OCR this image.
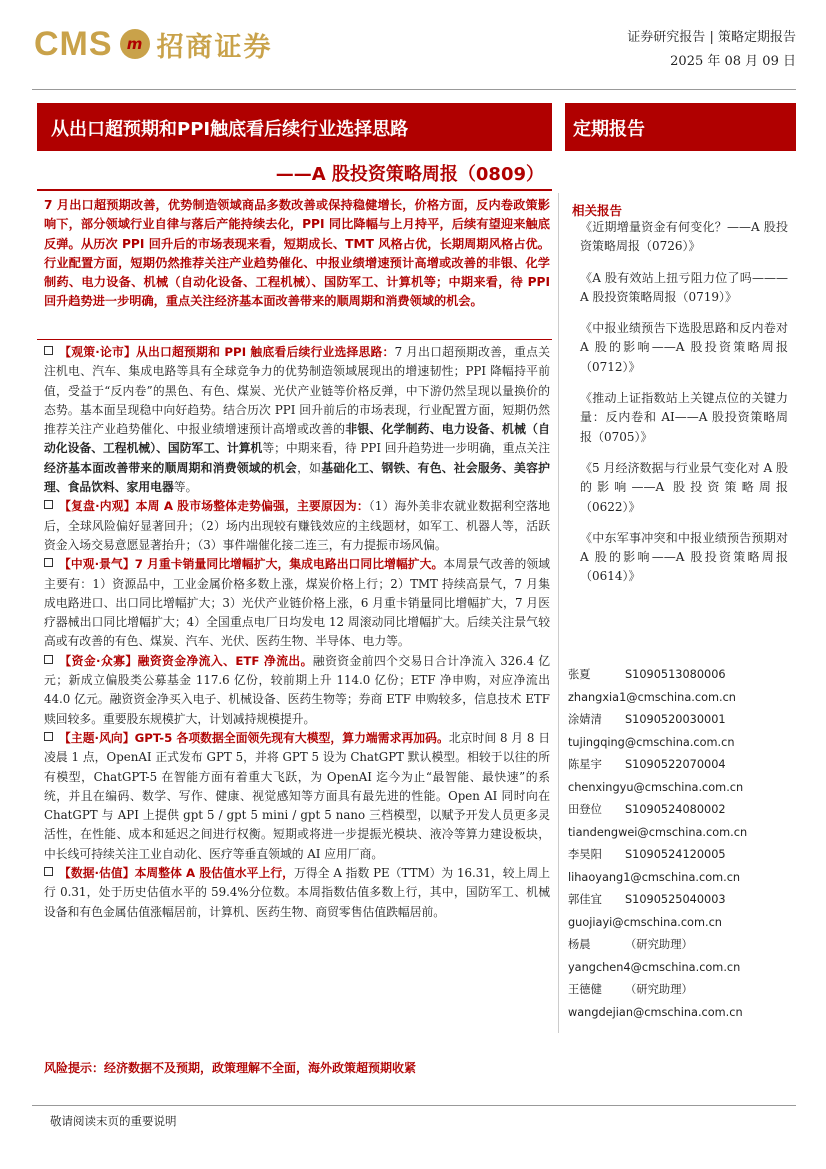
CMS m 招商证券	证券研究报告 | 策略定期报告
2025 年 08 月 09 日
从出口超预期和PPI触底看后续行业选择思路
——A 股投资策略周报（0809）
定期报告

7 月出口超预期改善，优势制造领域商品多数改善或保持稳健增长，价格方面，反内卷政策影响下，部分领域行业自律与落后产能持续去化，PPI 同比降幅与上月持平，后续有望迎来触底反弹。从历次 PPI 回升后的市场表现来看，短期成长、TMT 风格占优，长期周期风格占优。行业配置方面，短期仍然推荐关注产业趋势催化、中报业绩增速预计高增或改善的非银、化学制药、电力设备、机械（自动化设备、工程机械）、国防军工、计算机等；中期来看，待 PPI 回升趋势进一步明确，重点关注经济基本面改善带来的顺周期和消费领域的机会。

【观策·论市】从出口超预期和 PPI 触底看后续行业选择思路：7 月出口超预期改善，重点关注机电、汽车、集成电路等具有全球竞争力的优势制造领域展现出的增速韧性；PPI 降幅持平前值，受益于“反内卷”的黑色、有色、煤炭、光伏产业链等价格反弹，中下游仍然呈现以量换价的态势。基本面呈现稳中向好趋势。结合历次 PPI 回升前后的市场表现，行业配置方面，短期仍然推荐关注产业趋势催化、中报业绩增速预计高增或改善的非银、化学制药、电力设备、机械（自动化设备、工程机械）、国防军工、计算机等；中期来看，待 PPI 回升趋势进一步明确，重点关注经济基本面改善带来的顺周期和消费领域的机会，如基础化工、钢铁、有色、社会服务、美容护理、食品饮料、家用电器等。

【复盘·内观】本周 A 股市场整体走势偏强，主要原因为：（1）海外美非农就业数据利空落地后，全球风险偏好显著回升；（2）场内出现较有赚钱效应的主线题材，如军工、机器人等，活跃资金入场交易意愿显著抬升；（3）事件端催化接二连三，有力提振市场风偏。

【中观·景气】7 月重卡销量同比增幅扩大，集成电路出口同比增幅扩大。本周景气改善的领域主要有：1）资源品中，工业金属价格多数上涨，煤炭价格上行；2）TMT 持续高景气，7 月集成电路进口、出口同比增幅扩大；3）光伏产业链价格上涨，6 月重卡销量同比增幅扩大，7 月医疗器械出口同比增幅扩大；4）全国重点电厂日均发电 12 周滚动同比增幅扩大。后续关注景气较高或有改善的有色、煤炭、汽车、光伏、医药生物、半导体、电力等。

【资金·众寡】融资资金净流入、ETF 净流出。融资资金前四个交易日合计净流入 326.4 亿元；新成立偏股类公募基金 117.6 亿份，较前期上升 114.0 亿份；ETF 净申购，对应净流出 44.0 亿元。融资资金净买入电子、机械设备、医药生物等；券商 ETF 申购较多，信息技术 ETF 赎回较多。重要股东规模扩大，计划减持规模提升。

【主题·风向】GPT-5 各项数据全面领先现有大模型，算力端需求再加码。北京时间 8 月 8 日凌晨 1 点，OpenAI 正式发布 GPT 5，并将 GPT 5 设为 ChatGPT 默认模型。相较于以往的所有模型，ChatGPT-5 在智能方面有着重大飞跃，为 OpenAI 迄今为止“最智能、最快速”的系统，并且在编码、数学、写作、健康、视觉感知等方面具有最先进的性能。Open AI 同时向在 ChatGPT 与 API 上提供 gpt 5 / gpt 5 mini / gpt 5 nano 三档模型，以赋予开发人员更多灵活性，在性能、成本和延迟之间进行权衡。短期或将进一步提振光模块、液冷等算力建设板块，中长线可持续关注工业自动化、医疗等垂直领域的 AI 应用厂商。

【数据·估值】本周整体 A 股估值水平上行，万得全 A 指数 PE（TTM）为 16.31，较上周上行 0.31，处于历史估值水平的 59.4%分位数。本周指数估值多数上行，其中，国防军工、机械设备和有色金属估值涨幅居前，计算机、医药生物、商贸零售估值跌幅居前。

风险提示：经济数据不及预期，政策理解不全面，海外政策超预期收紧
相关报告
《近期增量资金有何变化？——A 股投资策略周报（0726）》
《A 股有效站上扭亏阻力位了吗———A 股投资策略周报（0719）》
《中报业绩预告下选股思路和反内卷对 A 股的影响——A 股投资策略周报（0712）》
《推动上证指数站上关键点位的关键力量：反内卷和 AI——A 股投资策略周报（0705）》
《5 月经济数据与行业景气变化对 A 股的影响——A 股投资策略周报（0622）》
《中东军事冲突和中报业绩预告预期对 A 股的影响——A 股投资策略周报（0614）》
张夏	S1090513080006
zhangxia1@cmschina.com.cn
涂婧清 S1090520030001
tujingqing@cmschina.com.cn
陈星宇 S1090522070004
chenxingyu@cmschina.com.cn
田登位 S1090524080002
tiandengwei@cmschina.com.cn
李昊阳 S1090524120005
lihaoyang1@cmschina.com.cn
郭佳宜 S1090525040003
guojiayi@cmschina.com.cn
杨晨	（研究助理）
yangchen4@cmschina.com.cn
王德健 （研究助理）
wangdejian@cmschina.com.cn
敬请阅读末页的重要说明
